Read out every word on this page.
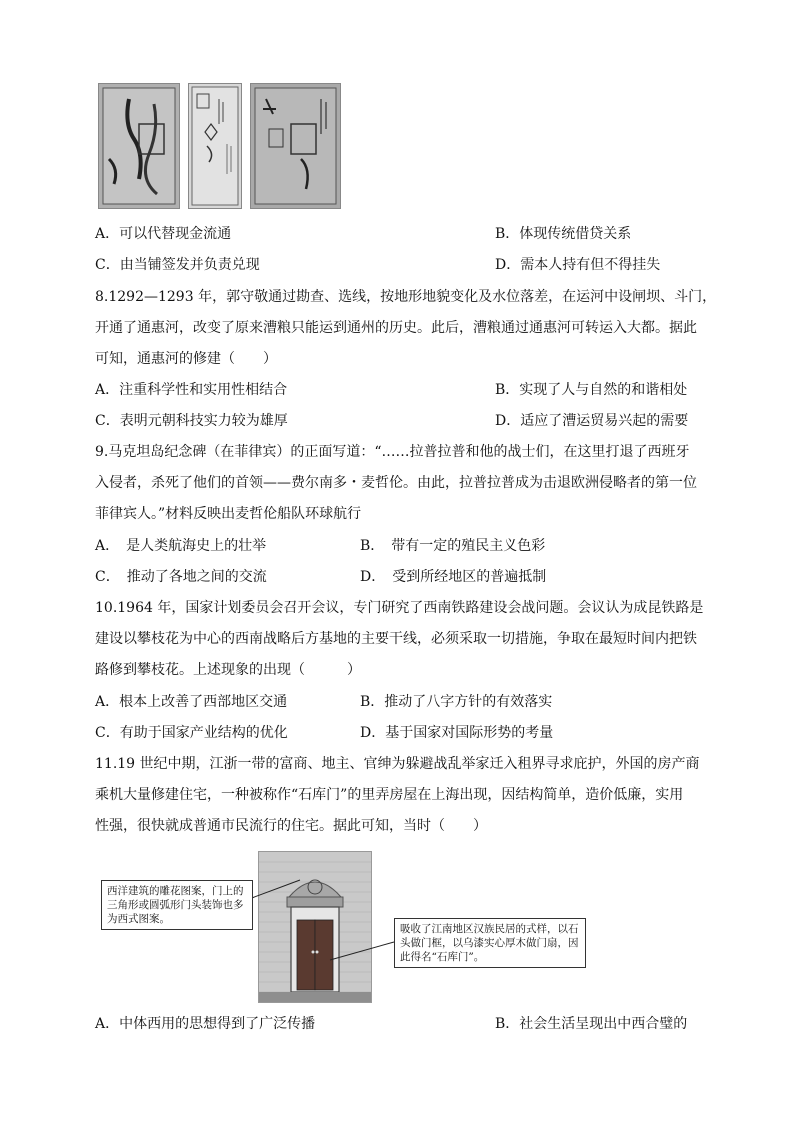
A．可以代替现金流通	B．体现传统借贷关系
C．由当铺签发并负责兑现	D．需本人持有但不得挂失
8.1292—1293 年，郭守敬通过勘查、选线，按地形地貌变化及水位落差，在运河中设闸坝、斗门，
开通了通惠河，改变了原来漕粮只能运到通州的历史。此后，漕粮通过通惠河可转运入大都。据此
可知，通惠河的修建（　　）
A．注重科学性和实用性相结合	B．实现了人与自然的和谐相处
C．表明元朝科技实力较为雄厚	D．适应了漕运贸易兴起的需要
9.马克坦岛纪念碑（在菲律宾）的正面写道：“……拉普拉普和他的战士们，在这里打退了西班牙
入侵者，杀死了他们的首领——费尔南多・麦哲伦。由此，拉普拉普成为击退欧洲侵略者的第一位
菲律宾人。”材料反映出麦哲伦船队环球航行
A．　是人类航海史上的壮举	B．　带有一定的殖民主义色彩
C．　推动了各地之间的交流	D．　受到所经地区的普遍抵制
10.1964 年，国家计划委员会召开会议，专门研究了西南铁路建设会战问题。会议认为成昆铁路是
建设以攀枝花为中心的西南战略后方基地的主要干线，必须采取一切措施，争取在最短时间内把铁
路修到攀枝花。上述现象的出现（　　　）
A．根本上改善了西部地区交通	B．推动了八字方针的有效落实
C．有助于国家产业结构的优化	D．基于国家对国际形势的考量
11.19 世纪中期，江浙一带的富商、地主、官绅为躲避战乱举家迁入租界寻求庇护，外国的房产商
乘机大量修建住宅，一种被称作“石库门”的里弄房屋在上海出现，因结构简单，造价低廉，实用
性强，很快就成普通市民流行的住宅。据此可知，当时（　　）
西洋建筑的雕花图案，门上的三角形或圆弧形门头装饰也多为西式图案。
吸收了江南地区汉族民居的式样，以石头做门框，以乌漆实心厚木做门扇，因此得名“石库门”。
A．中体西用的思想得到了广泛传播	B．社会生活呈现出中西合璧的
